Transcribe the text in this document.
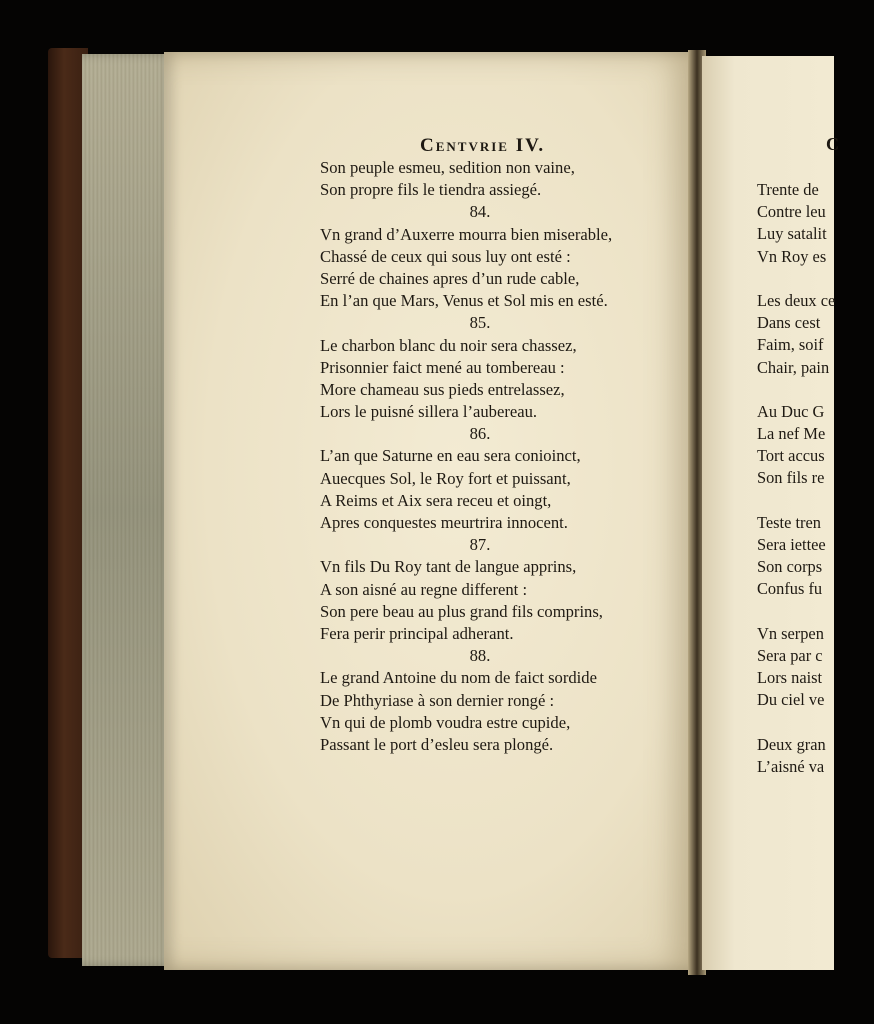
Centvrie IV.
Son peuple esmeu, sedition non vaine,
Son propre fils le tiendra assiegé.
84.
Vn grand d’Auxerre mourra bien miserable,
Chassé de ceux qui sous luy ont esté :
Serré de chaines apres d’un rude cable,
En l’an que Mars, Venus et Sol mis en esté.
85.
Le charbon blanc du noir sera chassez,
Prisonnier faict mené au tombereau :
More chameau sus pieds entrelassez,
Lors le puisné sillera l’aubereau.
86.
L’an que Saturne en eau sera conioinct,
Auecques Sol, le Roy fort et puissant,
A Reims et Aix sera receu et oingt,
Apres conquestes meurtrira innocent.
87.
Vn fils Du Roy tant de langue apprins,
A son aisné au regne different :
Son pere beau au plus grand fils comprins,
Fera perir principal adherant.
88.
Le grand Antoine du nom de faict sordide
De Phthyriase à son dernier rongé :
Vn qui de plomb voudra estre cupide,
Passant le port d’esleu sera plongé.
C
Trente de
Contre leu
Luy satalit
Vn Roy es
Les deux ce
Dans cest
Faim, soif
Chair, pain
Au Duc G
La nef Me
Tort accus
Son fils re
Teste tren
Sera iettee
Son corps
Confus fu
Vn serpen
Sera par c
Lors naist
Du ciel ve
Deux gran
L’aisné va
